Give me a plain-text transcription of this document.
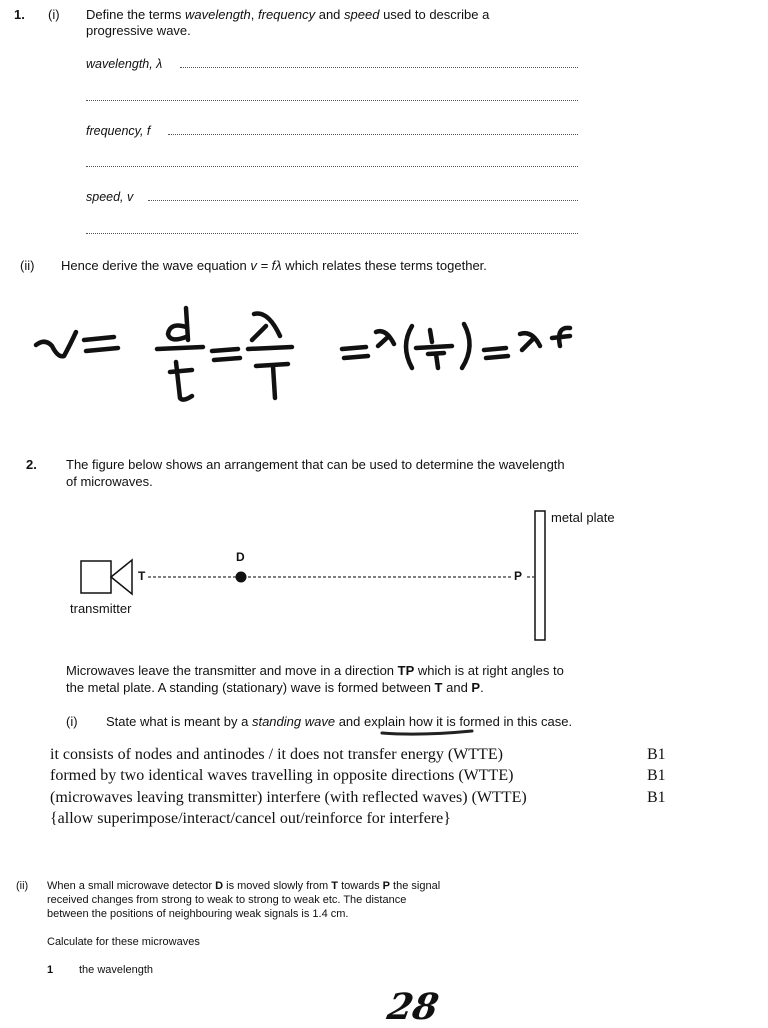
1. (i) Define the terms wavelength, frequency and speed used to describe a
progressive wave.
wavelength, λ
frequency, f
speed, v
(ii) Hence derive the wave equation v = fλ which relates these terms together.
2. The figure below shows an arrangement that can be used to determine the wavelength
of microwaves.
metal plate
transmitter
T
D
P
Microwaves leave the transmitter and move in a direction TP which is at right angles to
the metal plate. A standing (stationary) wave is formed between T and P.
(i) State what is meant by a standing wave and explain how it is formed in this case.
it consists of nodes and antinodes / it does not transfer energy (WTTE)	B1
formed by two identical waves travelling in opposite directions (WTTE)	B1
(microwaves leaving transmitter) interfere (with reflected waves) (WTTE)	B1
{allow superimpose/interact/cancel out/reinforce for interfere}
(ii) When a small microwave detector D is moved slowly from T towards P the signal
received changes from strong to weak to strong to weak etc. The distance
between the positions of neighbouring weak signals is 1.4 cm.
Calculate for these microwaves
1 the wavelength
28
